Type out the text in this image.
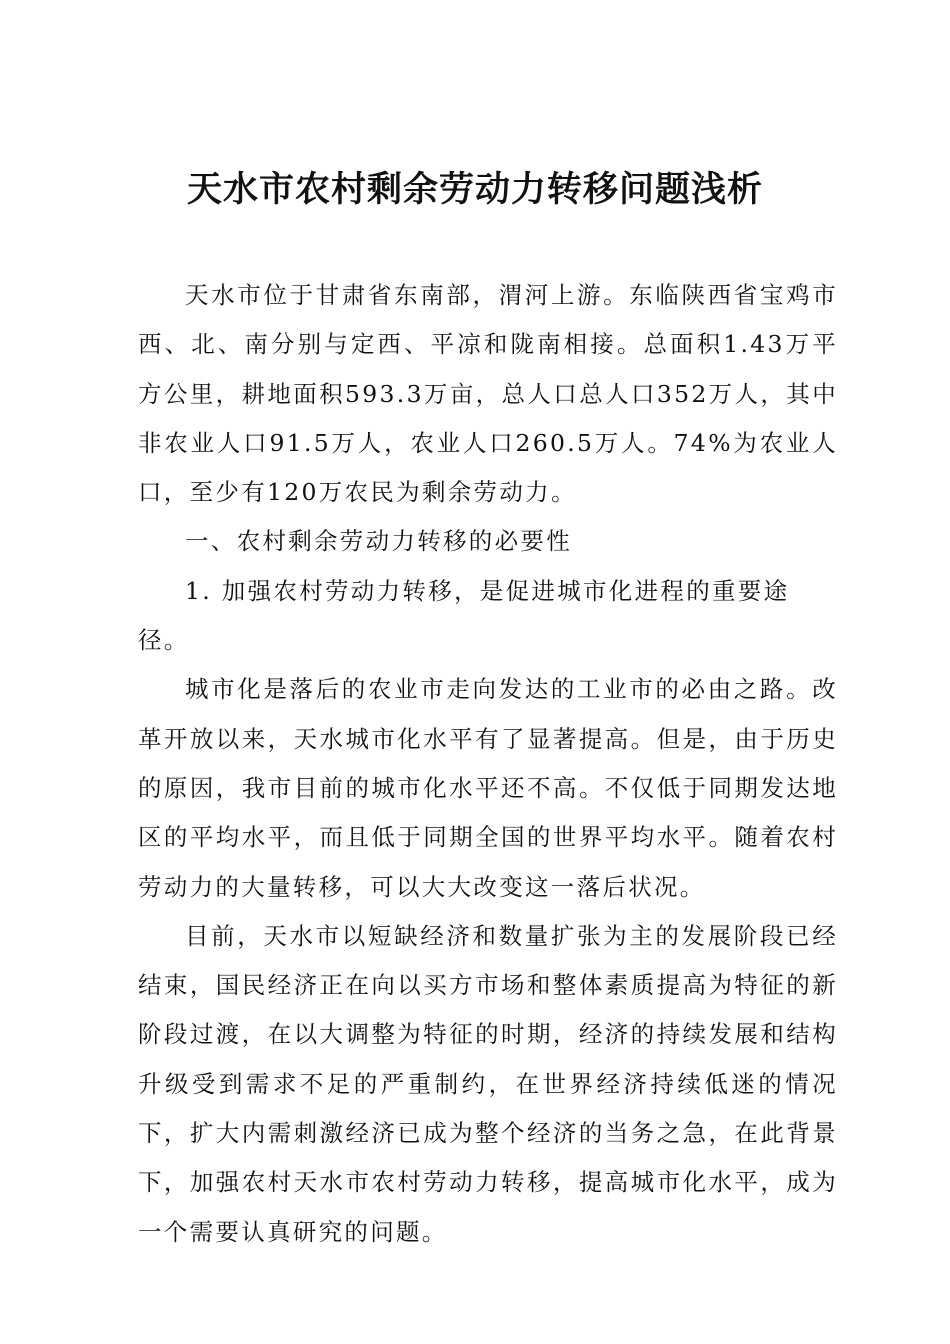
天水市农村剩余劳动力转移问题浅析

天水市位于甘肃省东南部，渭河上游。东临陕西省宝鸡市西、北、南分别与定西、平凉和陇南相接。总面积1.43万平方公里，耕地面积593.3万亩，总人口总人口352万人，其中非农业人口91.5万人，农业人口260.5万人。74%为农业人口，至少有120万农民为剩余劳动力。

一、农村剩余劳动力转移的必要性

1. 加强农村劳动力转移，是促进城市化进程的重要途径。

城市化是落后的农业市走向发达的工业市的必由之路。改革开放以来，天水城市化水平有了显著提高。但是，由于历史的原因，我市目前的城市化水平还不高。不仅低于同期发达地区的平均水平，而且低于同期全国的世界平均水平。随着农村劳动力的大量转移，可以大大改变这一落后状况。

目前，天水市以短缺经济和数量扩张为主的发展阶段已经结束，国民经济正在向以买方市场和整体素质提高为特征的新阶段过渡，在以大调整为特征的时期，经济的持续发展和结构升级受到需求不足的严重制约，在世界经济持续低迷的情况下，扩大内需刺激经济已成为整个经济的当务之急，在此背景下，加强农村天水市农村劳动力转移，提高城市化水平，成为一个需要认真研究的问题。
